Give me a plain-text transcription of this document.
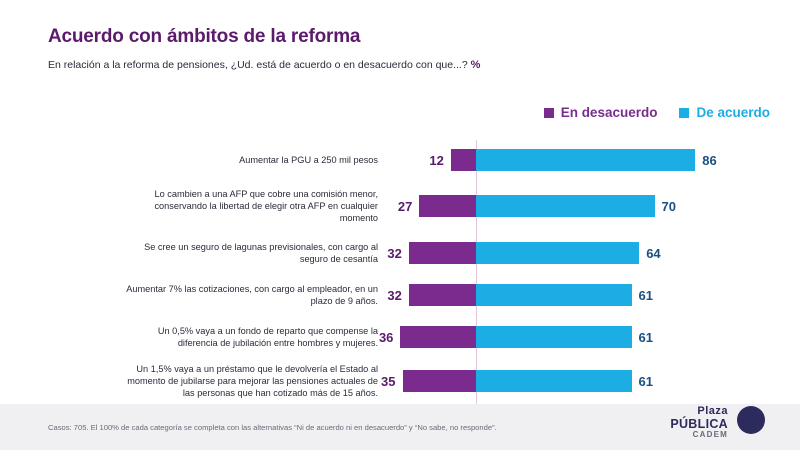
Acuerdo con ámbitos de la reforma
En relación a la reforma de pensiones, ¿Ud. está de acuerdo o en desacuerdo con que...? %
En desacuerdo	De acuerdo
Aumentar la PGU a 250 mil pesos	12	86
Lo cambien a una AFP que cobre una comisión menor,
conservando la libertad de elegir otra AFP en cualquier
momento
27	70
Se cree un seguro de lagunas previsionales, con cargo al
seguro de cesantía 32	64
Aumentar 7% las cotizaciones, con cargo al empleador, en un
plazo de 9 años. 32	61
Un 0,5% vaya a un fondo de reparto que compense la
diferencia de jubilación entre hombres y mujeres. 36	61
Un 1,5% vaya a un préstamo que le devolvería el Estado al
momento de jubilarse para mejorar las pensiones actuales de
las personas que han cotizado más de 15 años.
35	61
Casos: 705. El 100% de cada categoría se completa con las alternativas “Ni de acuerdo ni en desacuerdo” y “No sabe, no responde”.
Plaza
PÚBLICA
CADEM
